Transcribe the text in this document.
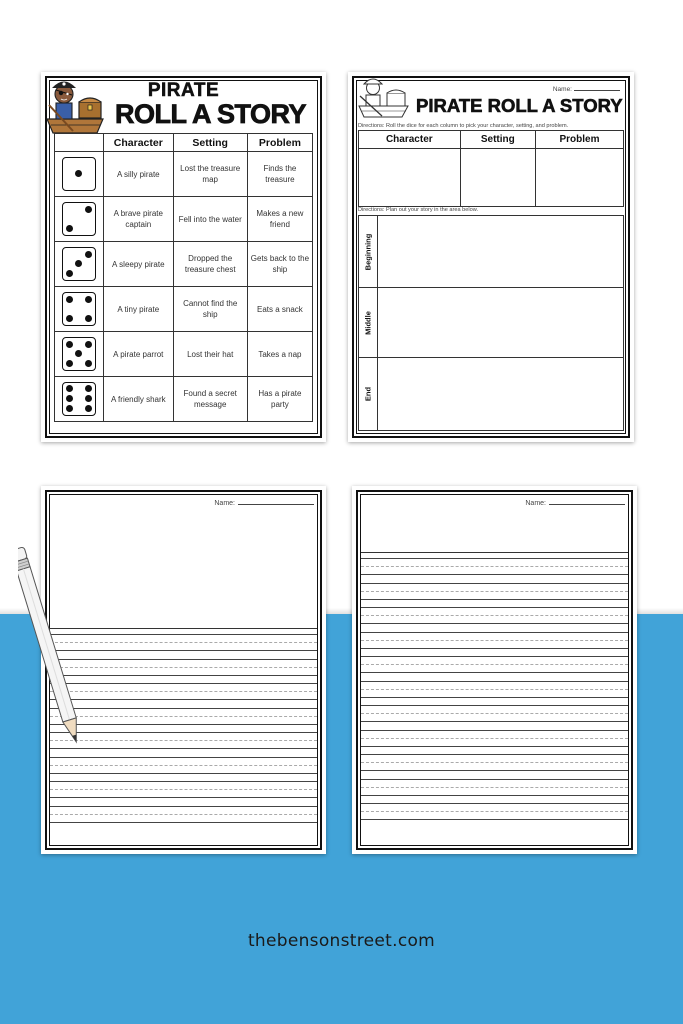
PIRATE
ROLL A STORY
	Character	Setting	Problem

	A silly pirate	Lost the treasure map	Finds the treasure

	A brave pirate captain	Fell into the water	Makes a new friend

	A sleepy pirate	Dropped the treasure chest	Gets back to the ship

	A tiny pirate	Cannot find the ship	Eats a snack

	A pirate parrot	Lost their hat	Takes a nap

	A friendly shark	Found a secret message	Has a pirate party
Name:
PIRATE ROLL A STORY
Directions: Roll the dice for each column to pick your character, setting, and problem.
Character	Setting	Problem

Directions: Plan out your story in the area below.
Beginning
Middle
End
Name:	Name:
thebensonstreet.com
